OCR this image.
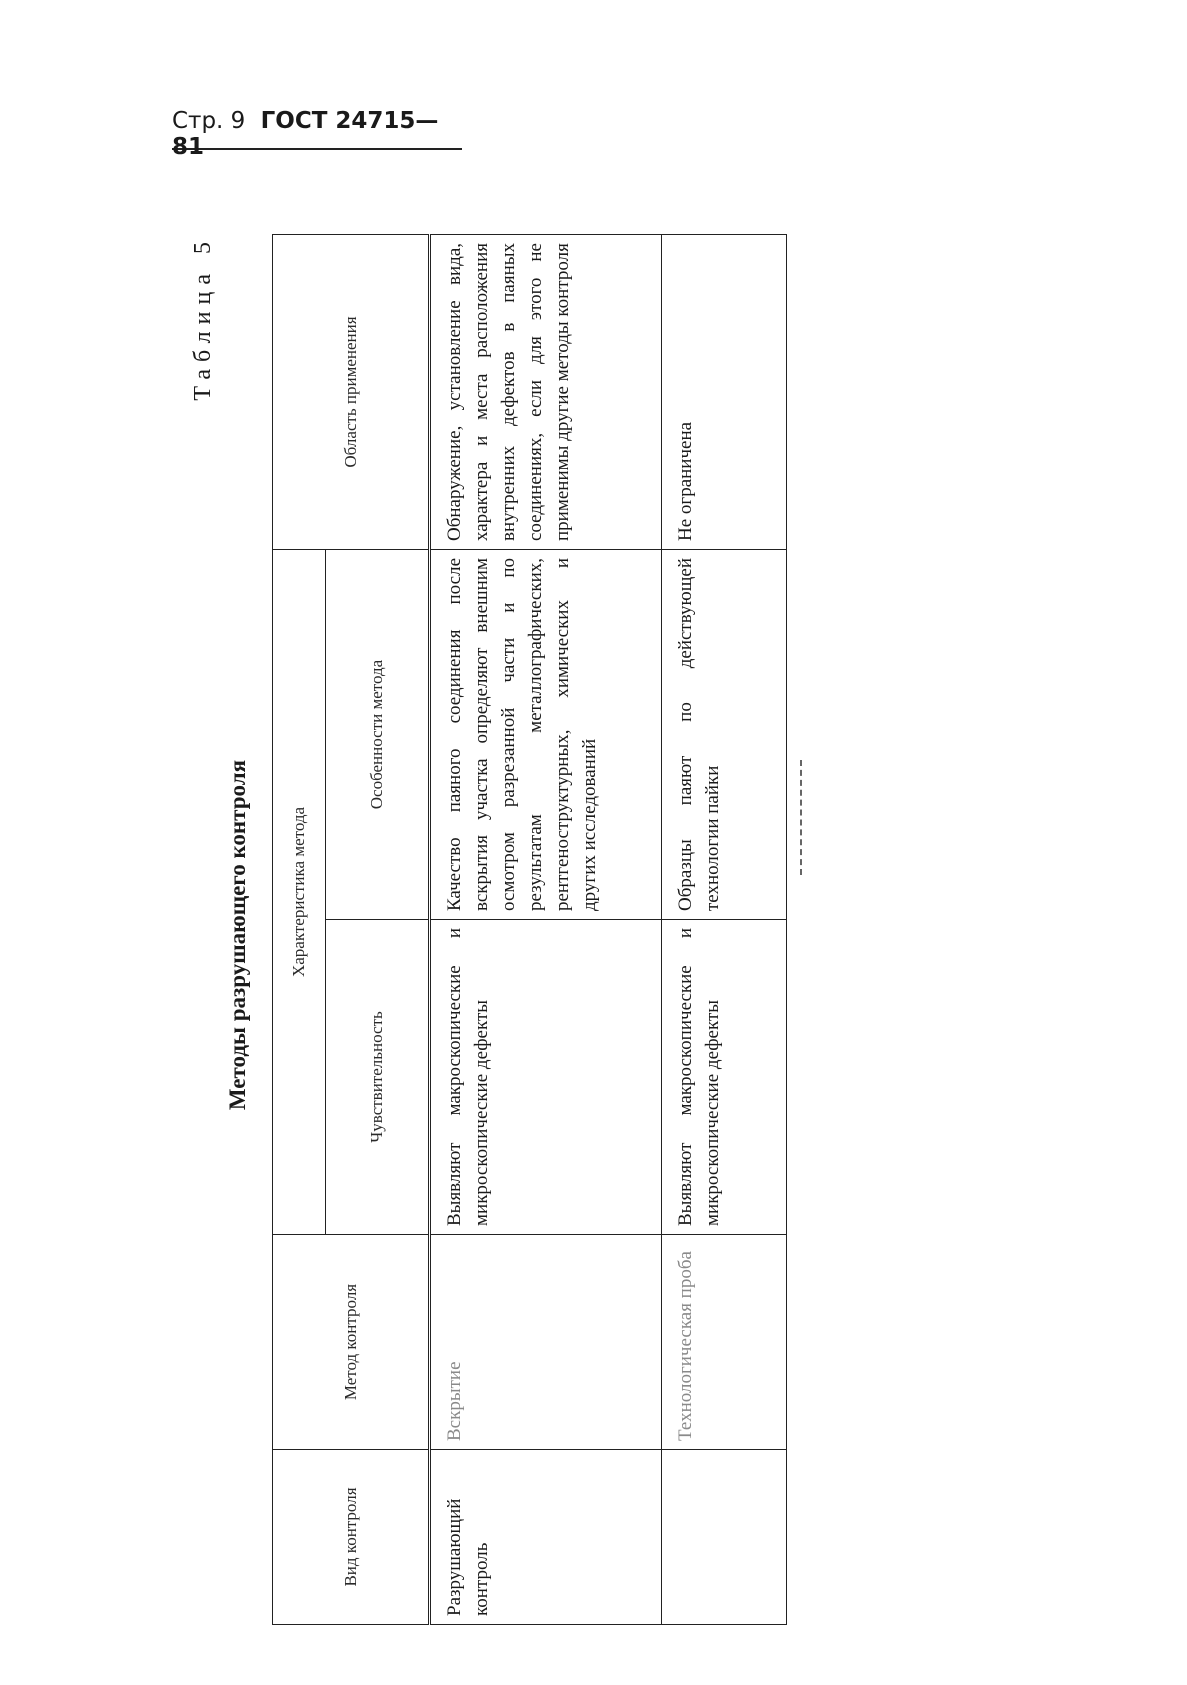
Стр. 9 ГОСТ 24715—81
Таблица 5
Методы разрушающего контроля
Вид контроля	Метод контроля	Характеристика метода		Область применения
		Чувствительность	Особенности метода	
Разрушающий контроль	Вскрытие	Выявляют макроскопические и микроскопические дефекты	Качество паяного соединения после вскрытия участка определяют внешним осмотром разрезанной части и по результатам металлографических, рентгеноструктурных, химических и других исследований	Обнаружение, установление вида, характера и места расположения внутренних дефектов в паяных соединениях, если для этого не применимы другие методы контроля
	Технологическая проба	Выявляют макроскопические и микроскопические дефекты	Образцы паяют по действующей технологии пайки	Не ограничена
